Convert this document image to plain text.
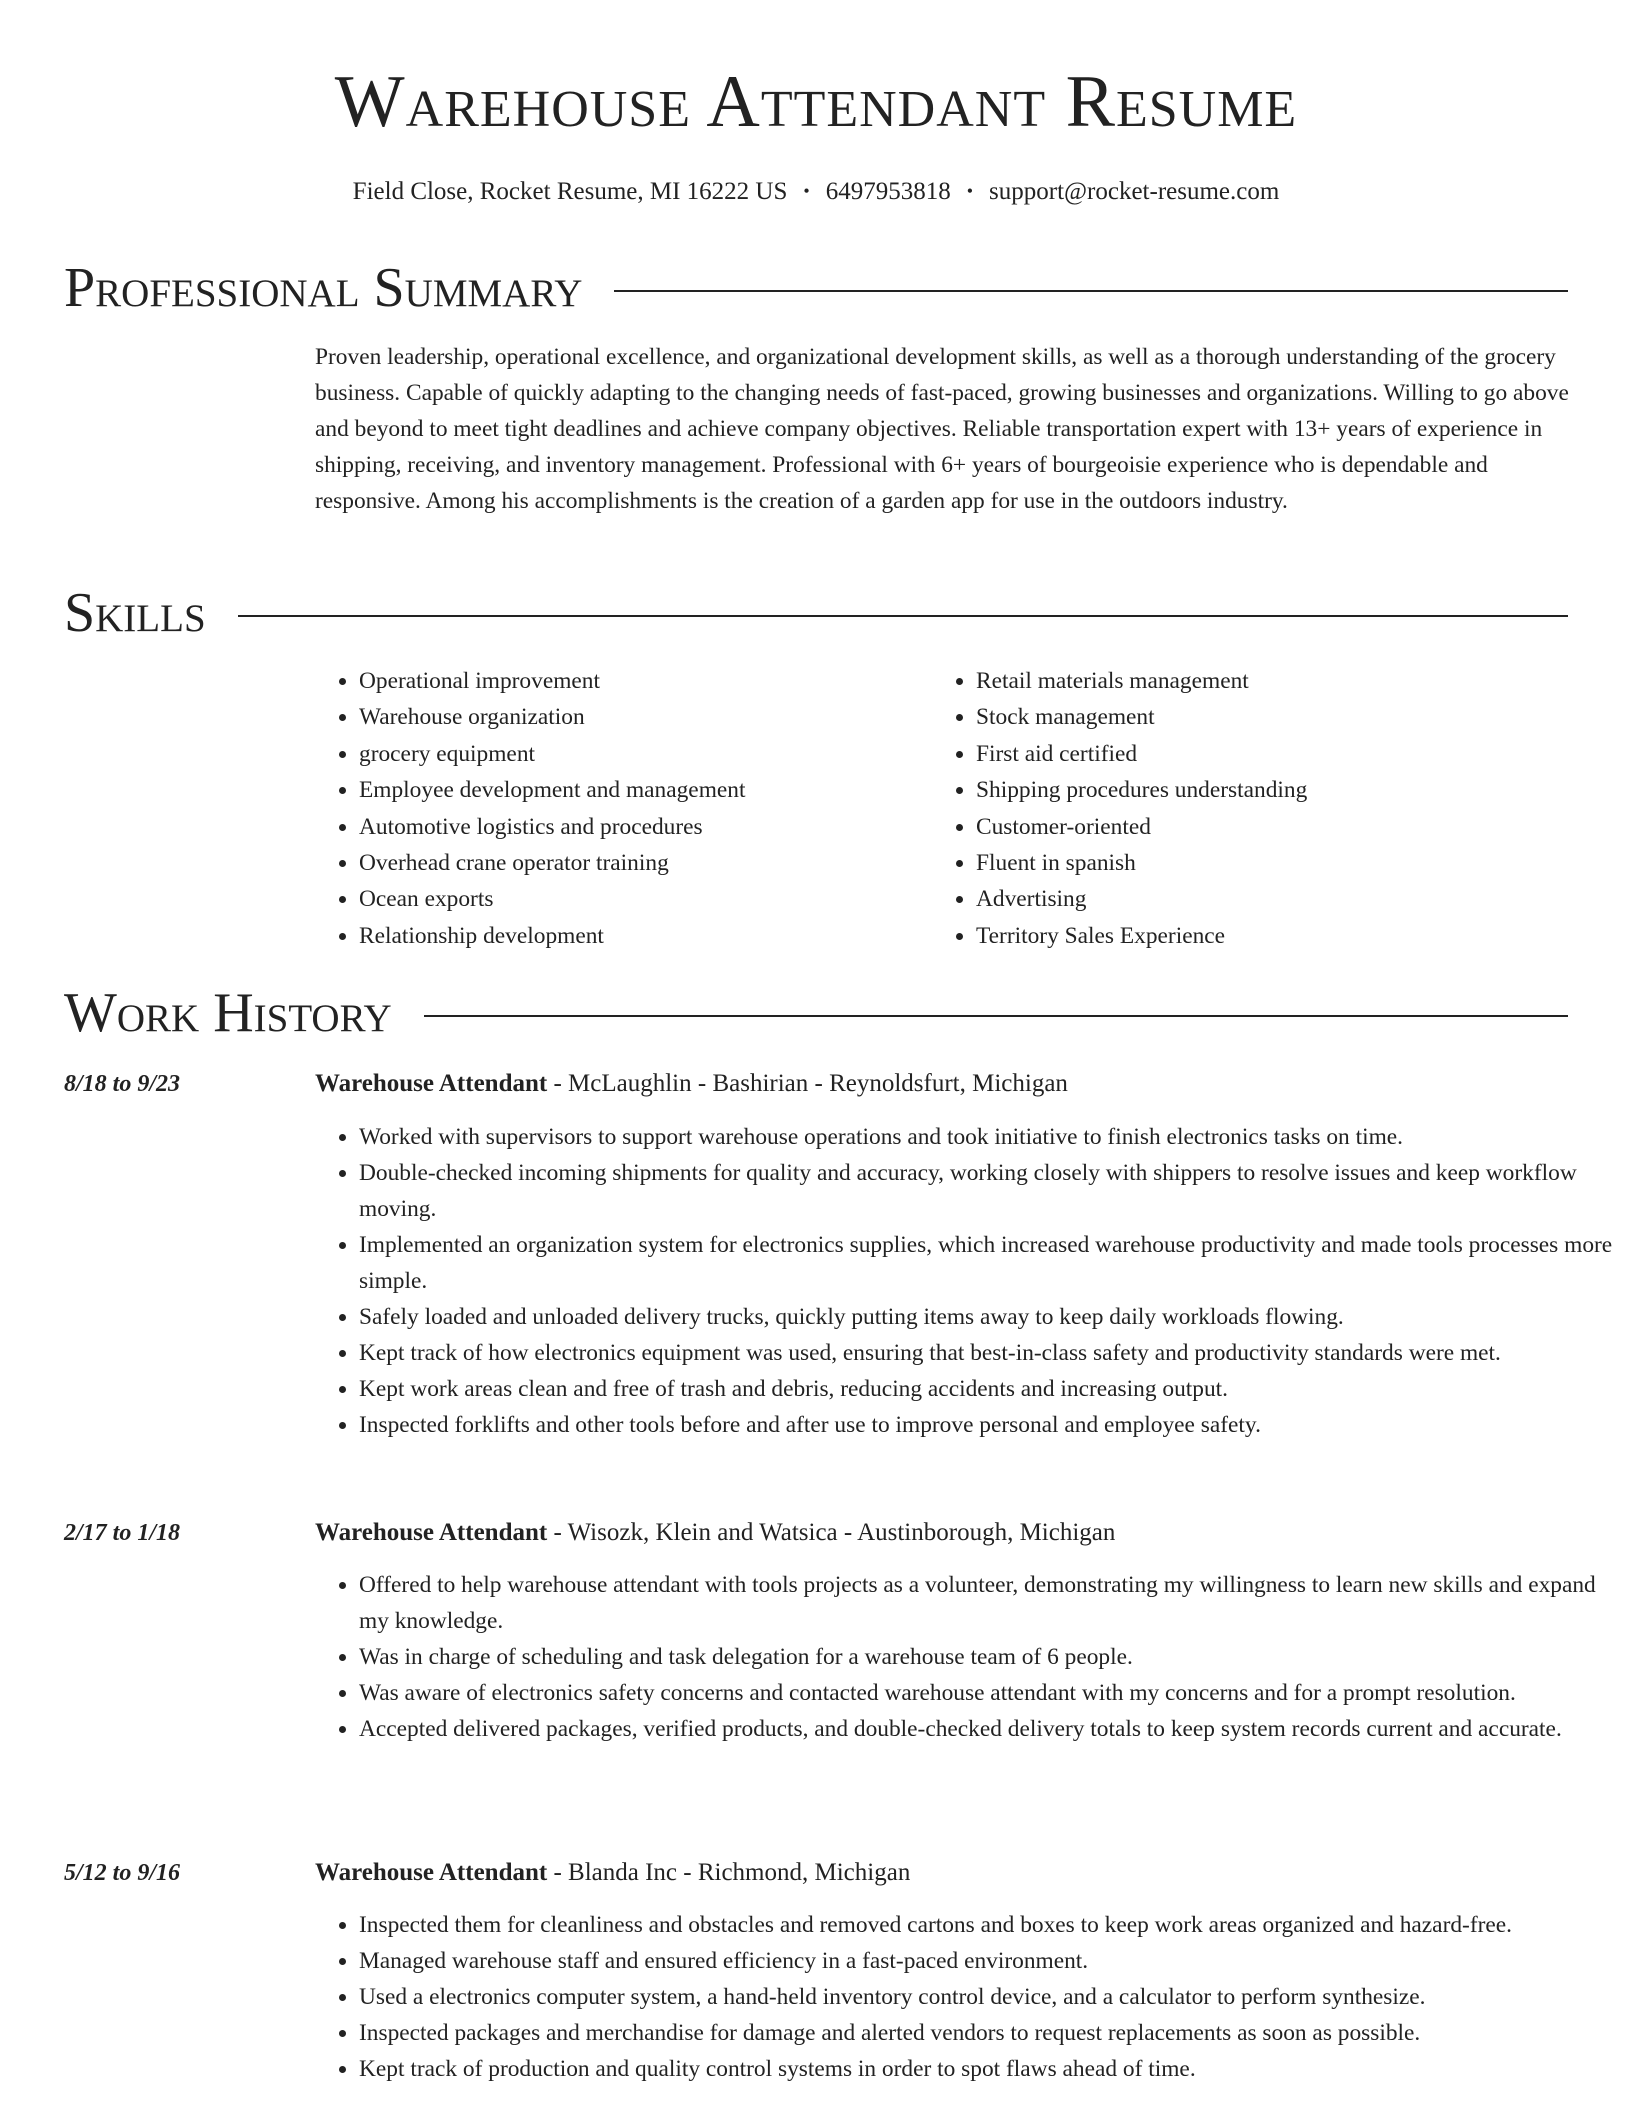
Warehouse Attendant Resume
Field Close, Rocket Resume, MI 16222 US • 6497953818 • support@rocket-resume.com
Professional Summary
Proven leadership, operational excellence, and organizational development skills, as well as a thorough understanding of the grocery business. Capable of quickly adapting to the changing needs of fast-paced, growing businesses and organizations. Willing to go above and beyond to meet tight deadlines and achieve company objectives. Reliable transportation expert with 13+ years of experience in shipping, receiving, and inventory management. Professional with 6+ years of bourgeoisie experience who is dependable and responsive. Among his accomplishments is the creation of a garden app for use in the outdoors industry.
Skills
• Operational improvement
• Warehouse organization
• grocery equipment
• Employee development and management
• Automotive logistics and procedures
• Overhead crane operator training
• Ocean exports
• Relationship development
• Retail materials management
• Stock management
• First aid certified
• Shipping procedures understanding
• Customer-oriented
• Fluent in spanish
• Advertising
• Territory Sales Experience
Work History
8/18 to 9/23	Warehouse Attendant - McLaughlin - Bashirian - Reynoldsfurt, Michigan
• Worked with supervisors to support warehouse operations and took initiative to finish electronics tasks on time.
• Double-checked incoming shipments for quality and accuracy, working closely with shippers to resolve issues and keep workflow moving.
• Implemented an organization system for electronics supplies, which increased warehouse productivity and made tools processes more simple.
• Safely loaded and unloaded delivery trucks, quickly putting items away to keep daily workloads flowing.
• Kept track of how electronics equipment was used, ensuring that best-in-class safety and productivity standards were met.
• Kept work areas clean and free of trash and debris, reducing accidents and increasing output.
• Inspected forklifts and other tools before and after use to improve personal and employee safety.
2/17 to 1/18	Warehouse Attendant - Wisozk, Klein and Watsica - Austinborough, Michigan
• Offered to help warehouse attendant with tools projects as a volunteer, demonstrating my willingness to learn new skills and expand my knowledge.
• Was in charge of scheduling and task delegation for a warehouse team of 6 people.
• Was aware of electronics safety concerns and contacted warehouse attendant with my concerns and for a prompt resolution.
• Accepted delivered packages, verified products, and double-checked delivery totals to keep system records current and accurate.
5/12 to 9/16	Warehouse Attendant - Blanda Inc - Richmond, Michigan
• Inspected them for cleanliness and obstacles and removed cartons and boxes to keep work areas organized and hazard-free.
• Managed warehouse staff and ensured efficiency in a fast-paced environment.
• Used a electronics computer system, a hand-held inventory control device, and a calculator to perform synthesize.
• Inspected packages and merchandise for damage and alerted vendors to request replacements as soon as possible.
• Kept track of production and quality control systems in order to spot flaws ahead of time.
